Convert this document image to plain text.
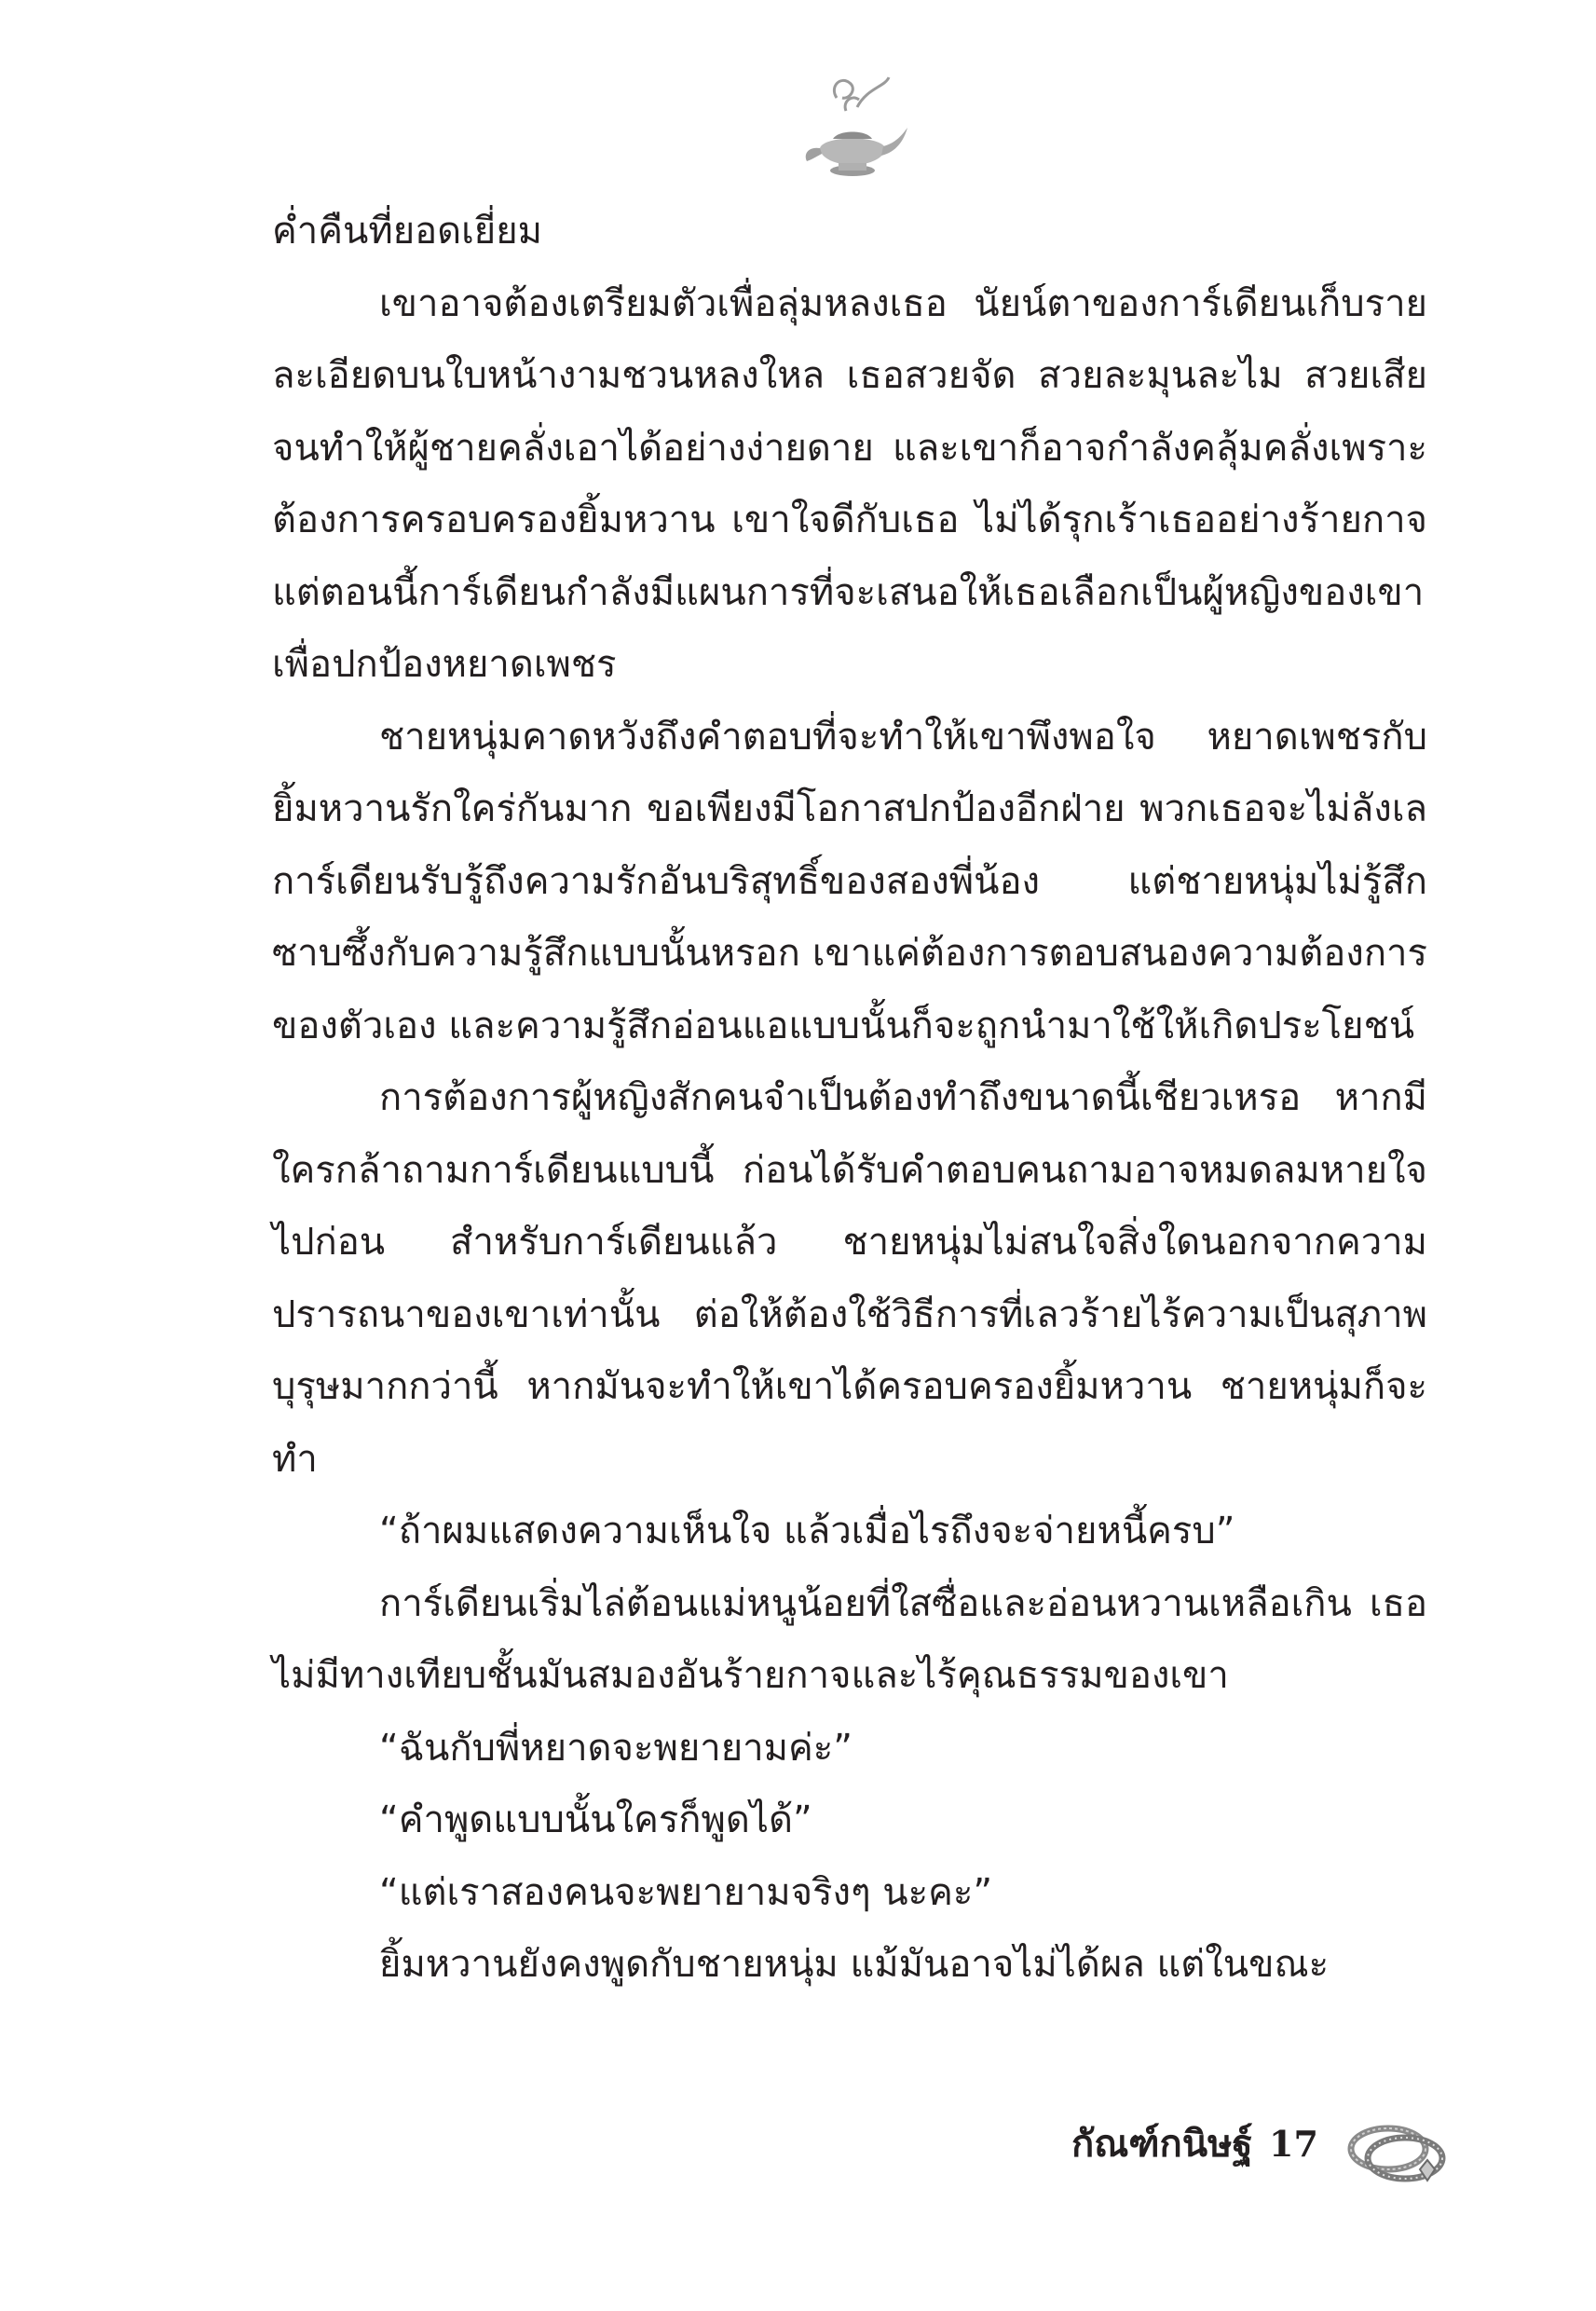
ค่ำคืนที่ยอดเยี่ยม

เขาอาจต้องเตรียมตัวเพื่อลุ่มหลงเธอ นัยน์ตาของการ์เดียนเก็บรายละเอียดบนใบหน้างามชวนหลงใหล เธอสวยจัด สวยละมุนละไม สวยเสียจนทำให้ผู้ชายคลั่งเอาได้อย่างง่ายดาย และเขาก็อาจกำลังคลุ้มคลั่งเพราะต้องการครอบครองยิ้มหวาน เขาใจดีกับเธอ ไม่ได้รุกเร้าเธออย่างร้ายกาจ แต่ตอนนี้การ์เดียนกำลังมีแผนการที่จะเสนอให้เธอเลือกเป็นผู้หญิงของเขาเพื่อปกป้องหยาดเพชร

ชายหนุ่มคาดหวังถึงคำตอบที่จะทำให้เขาพึงพอใจ หยาดเพชรกับยิ้มหวานรักใคร่กันมาก ขอเพียงมีโอกาสปกป้องอีกฝ่าย พวกเธอจะไม่ลังเล การ์เดียนรับรู้ถึงความรักอันบริสุทธิ์ของสองพี่น้อง แต่ชายหนุ่มไม่รู้สึกซาบซึ้งกับความรู้สึกแบบนั้นหรอก เขาแค่ต้องการตอบสนองความต้องการของตัวเอง และความรู้สึกอ่อนแอแบบนั้นก็จะถูกนำมาใช้ให้เกิดประโยชน์

การต้องการผู้หญิงสักคนจำเป็นต้องทำถึงขนาดนี้เชียวเหรอ หากมีใครกล้าถามการ์เดียนแบบนี้ ก่อนได้รับคำตอบคนถามอาจหมดลมหายใจไปก่อน สำหรับการ์เดียนแล้ว ชายหนุ่มไม่สนใจสิ่งใดนอกจากความปรารถนาของเขาเท่านั้น ต่อให้ต้องใช้วิธีการที่เลวร้ายไร้ความเป็นสุภาพบุรุษมากกว่านี้ หากมันจะทำให้เขาได้ครอบครองยิ้มหวาน ชายหนุ่มก็จะทำ

“ถ้าผมแสดงความเห็นใจ แล้วเมื่อไรถึงจะจ่ายหนี้ครบ”

การ์เดียนเริ่มไล่ต้อนแม่หนูน้อยที่ใสซื่อและอ่อนหวานเหลือเกิน เธอไม่มีทางเทียบชั้นมันสมองอันร้ายกาจและไร้คุณธรรมของเขา

“ฉันกับพี่หยาดจะพยายามค่ะ”

“คำพูดแบบนั้นใครก็พูดได้”

“แต่เราสองคนจะพยายามจริงๆ นะคะ”

ยิ้มหวานยังคงพูดกับชายหนุ่ม แม้มันอาจไม่ได้ผล แต่ในขณะ

กัณฑ์กนิษฐ์ 17
